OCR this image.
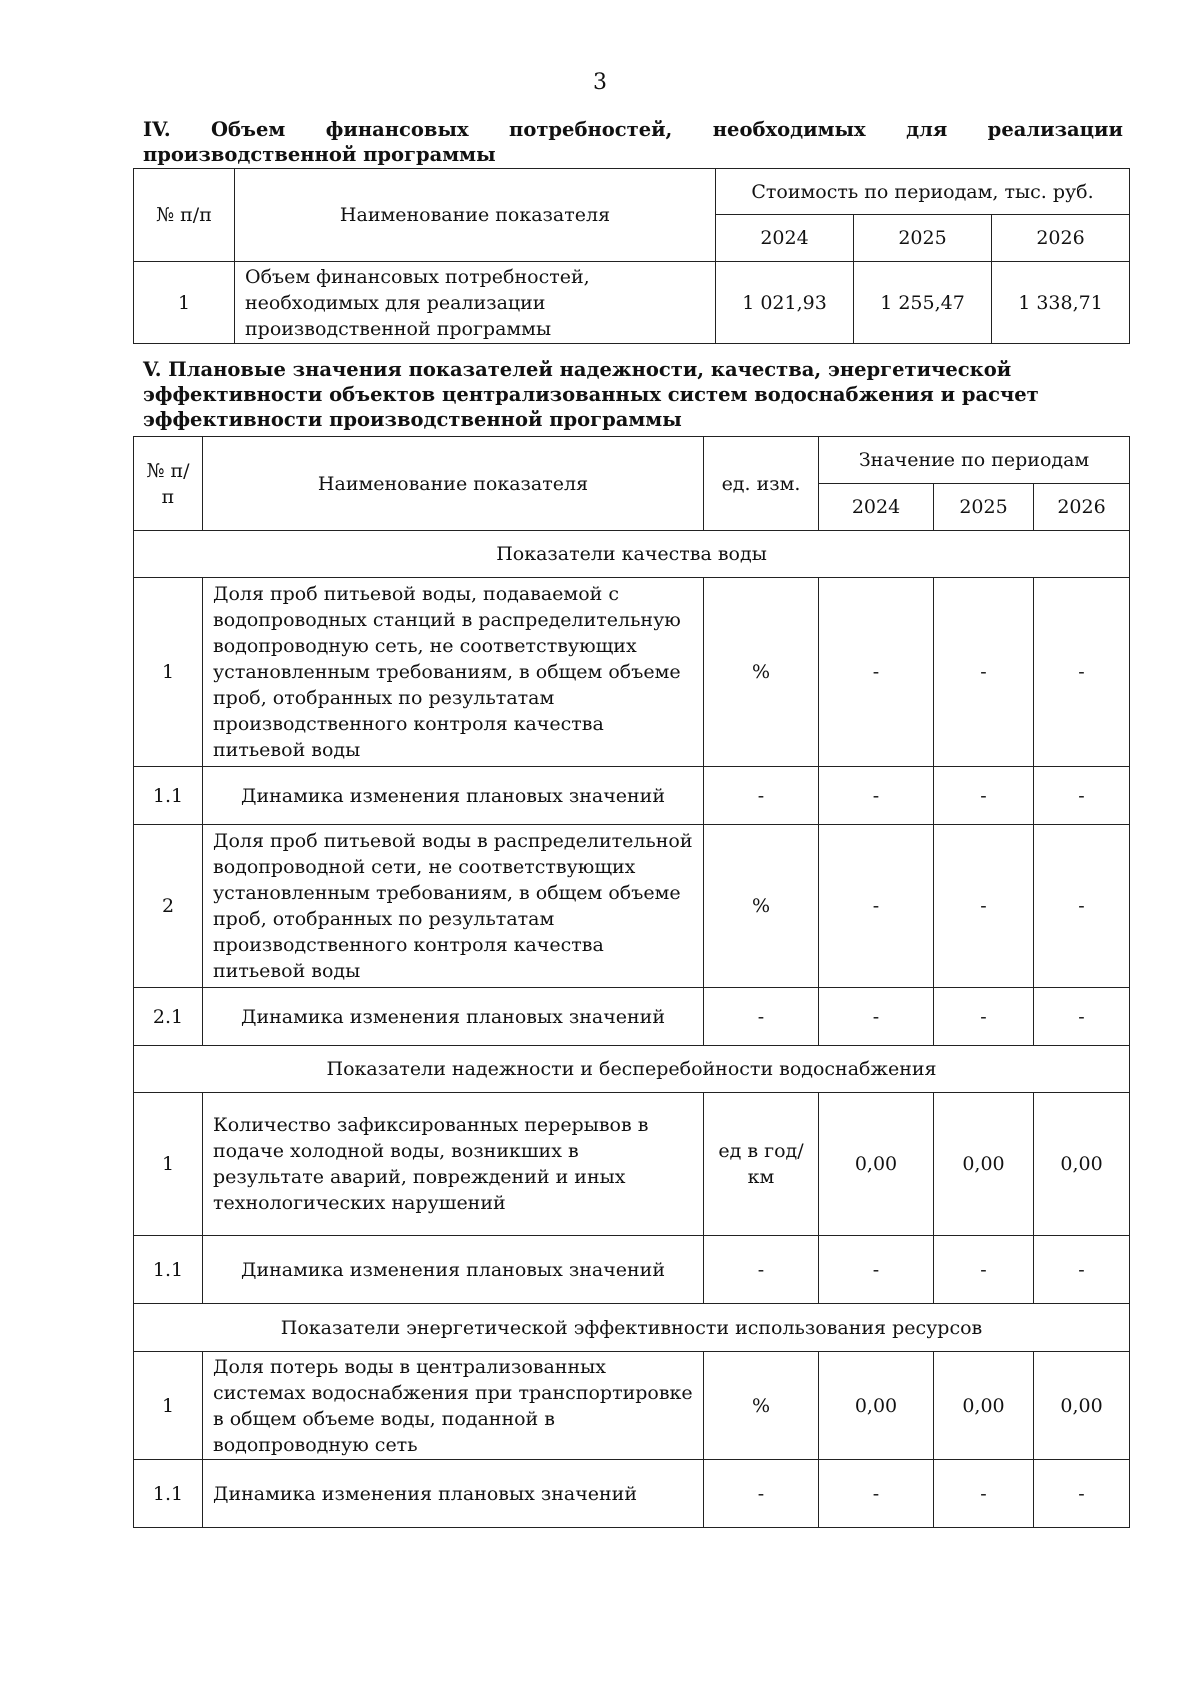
3
IV. Объем финансовых потребностей, необходимых для реализации производственной программы
№ п/п	Наименование показателя	Стоимость по периодам, тыс. руб.		
		2024	2025	2026
1	Объем финансовых потребностей, необходимых для реализации производственной программы	1 021,93	1 255,47	1 338,71
V. Плановые значения показателей надежности, качества, энергетической эффективности объектов централизованных систем водоснабжения и расчет эффективности производственной программы
№ п/п	Наименование показателя	ед. изм.	Значение по периодам		
			2024	2025	2026
Показатели качества воды					
1	Доля проб питьевой воды, подаваемой с водопроводных станций в распределительную водопроводную сеть, не соответствующих установленным требованиям, в общем объеме проб, отобранных по результатам производственного контроля качества питьевой воды	%	-	-	-
1.1	Динамика изменения плановых значений	-	-	-	-
2	Доля проб питьевой воды в распределительной водопроводной сети, не соответствующих установленным требованиям, в общем объеме проб, отобранных по результатам производственного контроля качества питьевой воды	%	-	-	-
2.1	Динамика изменения плановых значений	-	-	-	-
Показатели надежности и бесперебойности водоснабжения					
1	Количество зафиксированных перерывов в подаче холодной воды, возникших в результате аварий, повреждений и иных технологических нарушений	ед в год/ км	0,00	0,00	0,00
1.1	Динамика изменения плановых значений	-	-	-	-
Показатели энергетической эффективности использования ресурсов					
1	Доля потерь воды в централизованных системах водоснабжения при транспортировке в общем объеме воды, поданной в водопроводную сеть	%	0,00	0,00	0,00
1.1	Динамика изменения плановых значений	-	-	-	-
